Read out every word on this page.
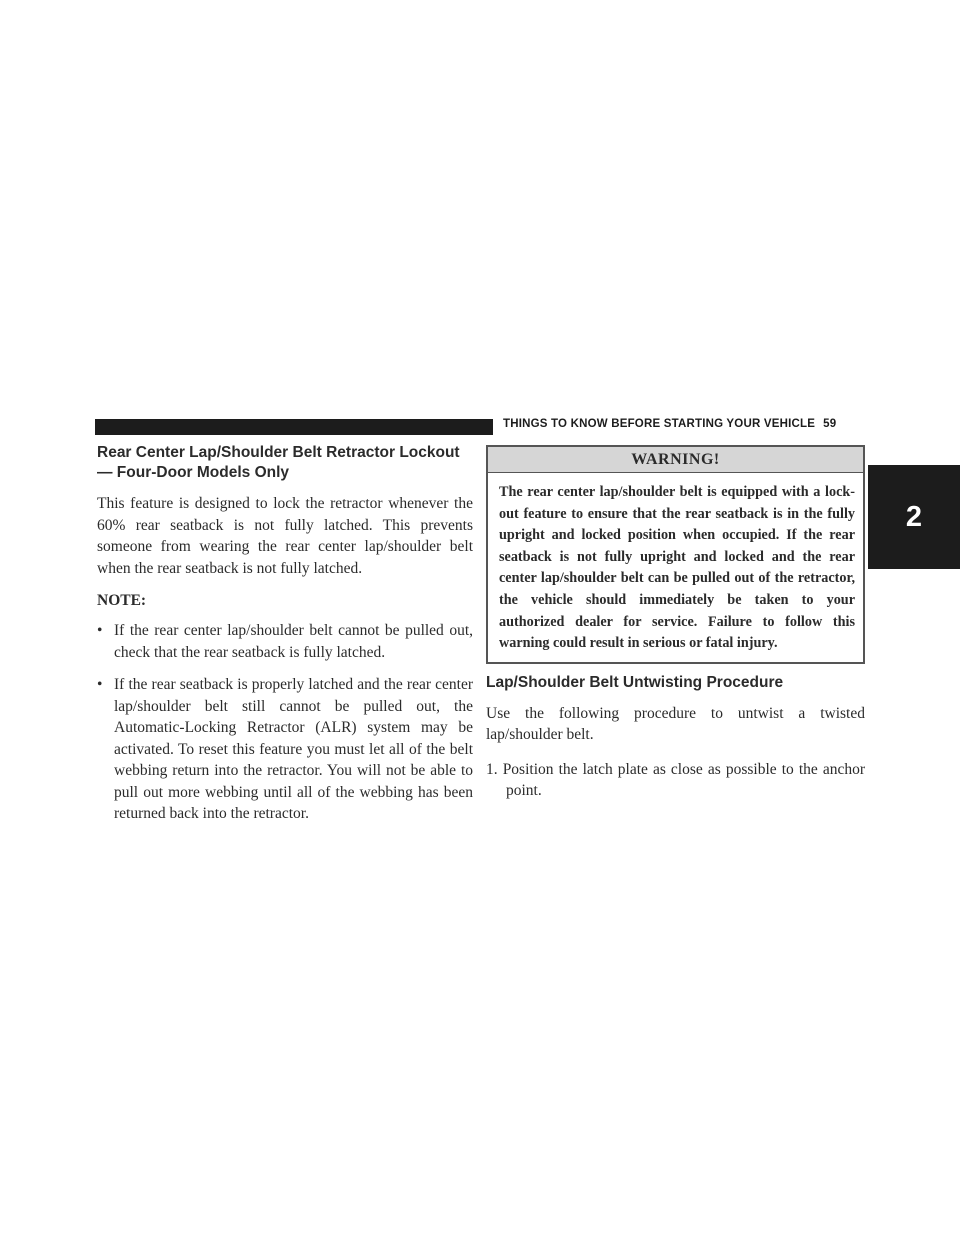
THINGS TO KNOW BEFORE STARTING YOUR VEHICLE 59
2
Rear Center Lap/Shoulder Belt Retractor Lockout — Four-Door Models Only

This feature is designed to lock the retractor whenever the 60% rear seatback is not fully latched. This prevents someone from wearing the rear center lap/shoulder belt when the rear seatback is not fully latched.

NOTE:

• If the rear center lap/shoulder belt cannot be pulled out, check that the rear seatback is fully latched.
• If the rear seatback is properly latched and the rear center lap/shoulder belt still cannot be pulled out, the Automatic-Locking Retractor (ALR) system may be activated. To reset this feature you must let all of the belt webbing return into the retractor. You will not be able to pull out more webbing until all of the webbing has been returned back into the retractor.
WARNING!
The rear center lap/shoulder belt is equipped with a lock-out feature to ensure that the rear seatback is in the fully upright and locked position when occupied. If the rear seatback is not fully upright and locked and the rear center lap/shoulder belt can be pulled out of the retractor, the vehicle should immediately be taken to your authorized dealer for service. Failure to follow this warning could result in serious or fatal injury.
Lap/Shoulder Belt Untwisting Procedure

Use the following procedure to untwist a twisted lap/shoulder belt.

1. Position the latch plate as close as possible to the anchor point.
